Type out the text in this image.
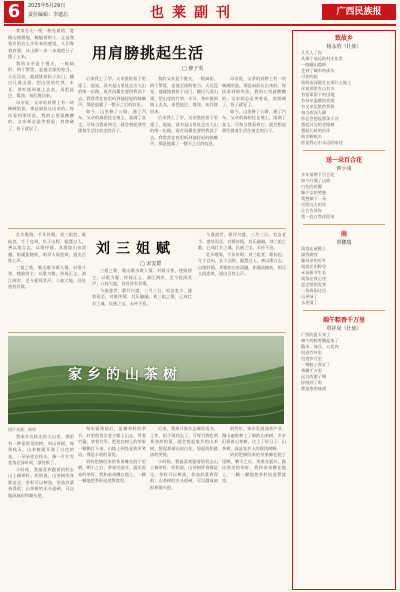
6	2025年5月29日
责任编辑：李遗忘	也莱副刊	广西民族报
用肩膀挑起生活
□ 廖子英

我家在山一座一座连着的，宽路山慢慢地，蜿蜒着的小，正是我家乡的这么多年来的感觉，人们靠着肩膀，从山脚一步一步地把日子挑了上来。

我的父亲是个挑夫，一根扁担、两个箩筐，是他全部的家当。天还没亮，他就挑着担子出门，翻过几道山梁，把山里的竹笋、木耳、茶叶挑到镇上去卖，再把盐巴、煤油、布匹挑回来。

母亲说，父亲的肩膀上有一块硬硬的茧，那是扁担压出来的。每次看到那块茧，我的心里就酸酸的。父亲却总是笑着说，肩膀硬了，担子就轻了。

后来我上了学，父亲挑的担子更重了。他说，读书是山里娃走出大山的唯一出路，再苦再累也要供我读下去。我常常在夜里听到他轻轻的咳嗽声，那是他累了一整天之后的叹息。

如今，山里修了公路，通了汽车，父亲的扁担挂在墙上，落满了灰尘。可每当我看到它，就会想起那些挑着生活往前走的日子。

我的父亲是个挑夫，一根扁担、两个箩筐，是他全部的家当。天还没亮，他就挑着担子出门，翻过几道山梁，把山里的竹笋、木耳、茶叶挑到镇上去卖，再把盐巴、煤油、布匹挑回来。

后来我上了学，父亲挑的担子更重了。他说，读书是山里娃走出大山的唯一出路，再苦再累也要供我读下去。我常常在夜里听到他轻轻的咳嗽声，那是他累了一整天之后的叹息。

母亲说，父亲的肩膀上有一块硬硬的茧，那是扁担压出来的。每次看到那块茧，我的心里就酸酸的。父亲却总是笑着说，肩膀硬了，担子就轻了。

如今，山里修了公路，通了汽车，父亲的扁担挂在墙上，落满了灰尘。可每当我看到它，就会想起那些挑着生活往前走的日子。

壮乡歌海，千年传唱。刘三姐者，歌仙也。生于宜州，长于山野，聪慧过人，善以歌言志，以歌抒情。其歌如山泉清澈，如溪流婉转，唱尽人间悲欢，道出百姓心声。

三姐之歌，歌山歌水歌人情。对歌斗智，挫败财主；以歌为媒，传扬正义。漓江两岸，至今犹闻其声；八桂大地，处处皆有其歌。

刘三姐赋
□ 宋安群

三姐之歌，歌山歌水歌人情。对歌斗智，挫败财主；以歌为媒，传扬正义。漓江两岸，至今犹闻其声；八桂大地，处处皆有其歌。

今逢盛世，歌圩兴盛。三月三日，男女老少，盛装而至，对歌传情，其乐融融。刘三姐之歌，已成壮乡之魂，民族之宝，永传不息。

今逢盛世，歌圩兴盛。三月三日，男女老少，盛装而至，对歌传情，其乐融融。刘三姐之歌，已成壮乡之魂，民族之宝，永传不息。

壮乡歌海，千年传唱。刘三姐者，歌仙也。生于宜州，长于山野，聪慧过人，善以歌言志，以歌抒情。其歌如山泉清澈，如溪流婉转，唱尽人间悲欢，道出百姓心声。

家乡的山茶树
图片来源：网络

我家乡在桂北的大山里，那里有一种很常见的树，叫山茶树。每到秋天，山茶树就开满了白色的花，一朵朵挂在枝头，像一片片雪花落在绿叶间，漂亮极了。

小时候，我最喜欢跟着奶奶去山上摘茶籽。奶奶说，山茶树浑身都是宝，茶籽可以榨油，茶油炒菜香得很；山茶树的木头很硬，可以做成扁担和锄头把。

每年霜降前后，是摘茶籽的季节。村里的男女老少都上山去，背着竹篓，拿着竹竿，把挂在树上的茶果一颗颗打下来。山坡上到处是欢声笑语，那是丰收的喜悦。

奶奶把摘回来的茶果摊在院子里晒，晒干之后，茶果壳裂开，露出黑亮的茶籽。我和弟弟蹲在地上，一颗一颗地把茶籽捡进箩筐里。

后来，我离开家乡去城里读书、工作，很少再回去了。可每当我吃到茶油炒的菜，就会想起家乡的山茶树，想起那满山的白花，想起奶奶慈祥的笑脸。

小时候，我最喜欢跟着奶奶去山上摘茶籽。奶奶说，山茶树浑身都是宝，茶籽可以榨油，茶油炒菜香得很；山茶树的木头很硬，可以做成扁担和锄头把。

前些年，家乡发展油茶产业，漫山遍野种上了新的山茶树。乡亲们靠着山茶树，过上了好日子。山茶树，真是家乡人的摇钱树啊。

奶奶把摘回来的茶果摊在院子里晒，晒干之后，茶果壳裂开，露出黑亮的茶籽。我和弟弟蹲在地上，一颗一颗地把茶籽捡进箩筐里。

致故乡
杨永豹（壮族）
几代人了你
从那个遥远的村庄出发
一路翻山越岭
走到了城市的街头
可你的根
始终深深地扎在那片土地上
你说那里有山有水
有祖辈留下的田地
有母亲温暖的炊烟
有父亲沉默的背影
每当夜深人静
你总会想起那条小河
想起河边的老榕树
想起儿时的伙伴
故乡啊故乡
你是我心中永远的牵挂
送一朵百合花
钟小浅
多年前种下百合花
如今开满了山坡
白色的花瓣
像少女的笑脸
我想摘下一朵
送给远方的你
让它告诉你
我一直在等你回来
雨
覃鹏瑞
雨落在屋檐上
滴答滴答
像母亲的叮咛
雨落在田野里
禾苗拔节生长
雨落在我心里
思念悄悄发芽
一场春雨过后
山更绿了
水更清了
端午粽香千万里
覃祥周（壮族）
广西的夏天来了
端午的粽香飘起来了
糯米、绿豆、五花肉
包进竹叶里
包进岁月里
一锅粽子煮好了
香飘千万里
远方的游子啊
你闻到了吗
那是家的味道
